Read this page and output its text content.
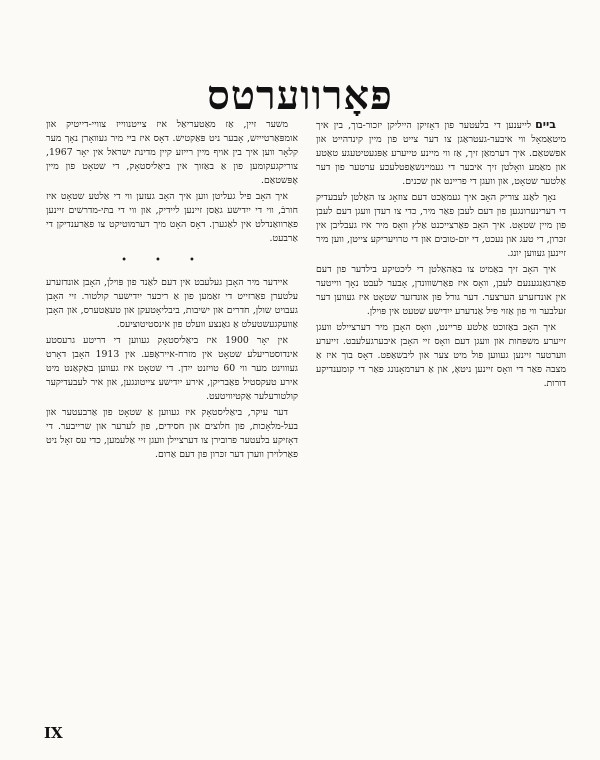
פאָרווערטס

בייםלייענען די בלעטער פון דאָזיקן הייליקן יזכור-בוך, בין איך מיטאַמאָל ווי איבער-געטראַגן צו דער צייט פון מיין קינדהייט און אפשטאַם. איך דערמאַן זיך, אַז ווי מיינע טייערע אַפּגעטיטעגע טאַטע און מאַמע וואָלטן זיך איבער די געמיינשאַפטלעכע ערטער פון דער אַלטער שטאָט, און וועגן די פריינט און שכנים.

נאָך לאַנג צוריק האָב איך געמאַכט דעם צוזאָג צו האַלטן לעבעדיק די דערינערונגען פון דעם לעבן פאַר מיר, כדי צו רעדן וועגן דעם לעבן פון מיין שטאָט. איך האָב פאַרצייכנט אַלץ וואָס מיר איז געבליבן אין זכּרון, די טעג און נעכט, די יום-טובים און די טרויעריקע צייטן, ווען מיר זיינען געווען יונג.

איך האָב זיך באַמיט צו באַהאַלטן די ליכטיקע בילדער פון דעם פאַרגאַנגענעם לעבן, וואָס איז פאַרשווונדן, אָבער לעבט נאָך ווייטער אין אונדזערע הערצער. דער גורל פון אונדזער שטאָט איז געווען דער זעלבער ווי פון אַזוי פיל אַנדערע ייִדישע שטעט אין פּוילן.

איך האָב באַזוכט אַלטע פריינט, וואָס האָבן מיר דערציילט וועגן זייערע משפּחות און וועגן דעם וואָס זיי האָבן איבערגעלעבט. זייערע ווערטער זיינען געווען פול מיט צער און ליבשאַפט. דאָס בוך איז אַ מצבה פאַר די וואָס זיינען ניטאָ, און אַ דערמאָנונג פאַר די קומענדיקע דורות.

משער זיין, אַז מאַטעריאַל איז צייטנווייז צוויי-דייטיק און אומפּאַרטיייִש, אָבער ניט פּאַקטיש. דאָס איז ביי מיר געוואָרן נאָך מער קלאָר ווען איך בין אויף מיין רייזע קיין מדינת ישראל אין יאָר 1967, צוריקגעקומען פון אַ באַזוך אין ביאַליסטאָק, די שטאָט פון מיין אָפּשטאַם.

איך האָב פיל געליטן ווען איך האָב געזען ווי די אַלטע שטאָט איז חורבֿ, ווי די ייִדישע גאַסן זיינען ליידיק, און ווי די בתּי-מדרשים זיינען פאַרוואַנדלט אין לאַגערן. דאָס האָט מיך דערמוטיקט צו פאַרענדיקן די אַרבעט.

•••

איידער מיר האָבן געלעבט אין דעם לאַנד פון פּוילן, האָבן אונדזערע עלטערן פאַרזייט די זאַמען פון אַ ריכער ייִדישער קולטור. זיי האָבן געבויט שולן, חדרים און ישיבות, ביבליאָטעקן און טעאַטערס, און האָבן אַוועקגעשטעלט אַ גאַנצע וועלט פון אינסטיטוציעס.

אין יאָר 1900 איז ביאַליסטאָק געווען די דריטע גרעסטע אינדוסטריעלע שטאָט אין מזרח-אייראָפּע. אין 1913 האָבן דאָרט געוווינט מער ווי 60 טויזנט ייִדן. די שטאָט איז געווען באַקאַנט מיט אירע טעקסטיל פאַבריקן, אירע ייִדישע צייטונגען, און איר לעבעדיקער קולטורעלער אַקטיוויטעט.

דער עיקר, ביאַליסטאָק איז געווען אַ שטאָט פון אַרבעטער און בעל-מלאָכות, פון חלוצים און חסידים, פון לערער און שרייבער. די דאָזיקע בלעטער פרובירן צו דערציילן וועגן זיי אַלעמען, כדי עס זאָל ניט פאַרלוירן ווערן דער זכּרון פון דעם אַרום.

IX
